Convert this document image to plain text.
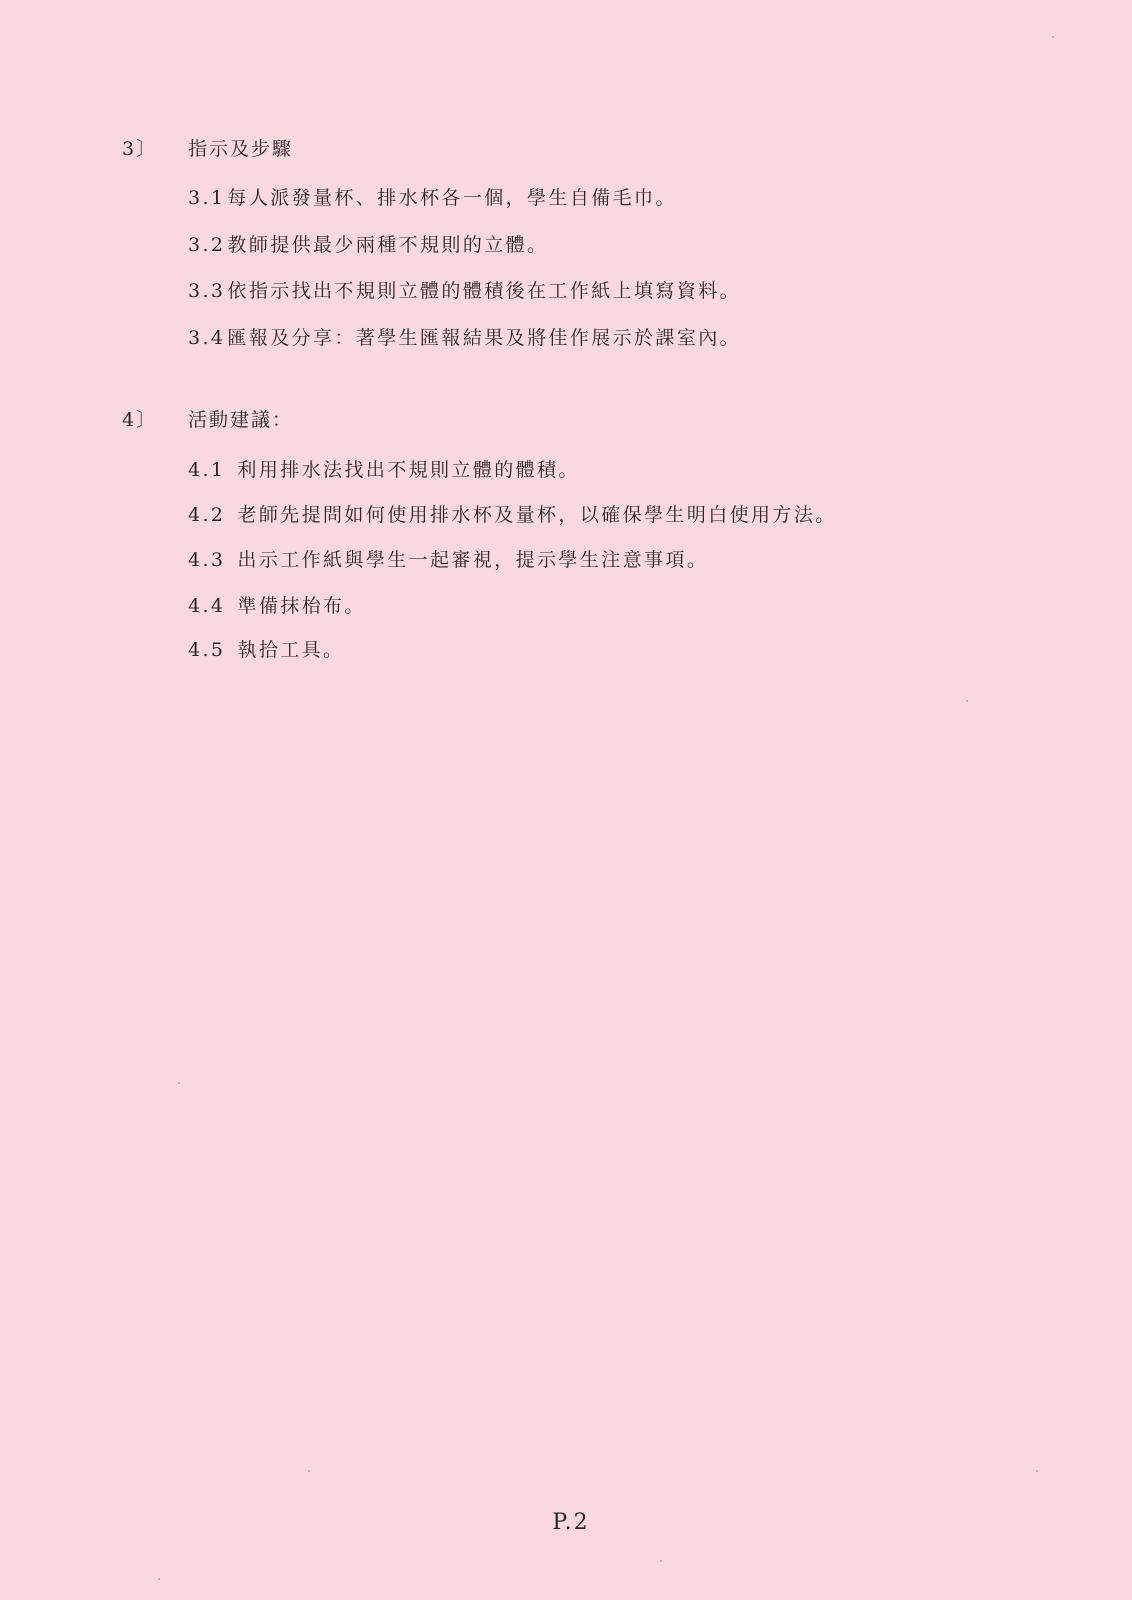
3〕 指示及步驟
3.1 每人派發量杯、排水杯各一個，學生自備毛巾。
3.2 教師提供最少兩種不規則的立體。
3.3 依指示找出不規則立體的體積後在工作紙上填寫資料。
3.4 匯報及分享：著學生匯報結果及將佳作展示於課室內。
4〕 活動建議：
4.1 利用排水法找出不規則立體的體積。
4.2 老師先提問如何使用排水杯及量杯，以確保學生明白使用方法。
4.3 出示工作紙與學生一起審視，提示學生注意事項。
4.4 準備抹枱布。
4.5 執拾工具。
P.2
